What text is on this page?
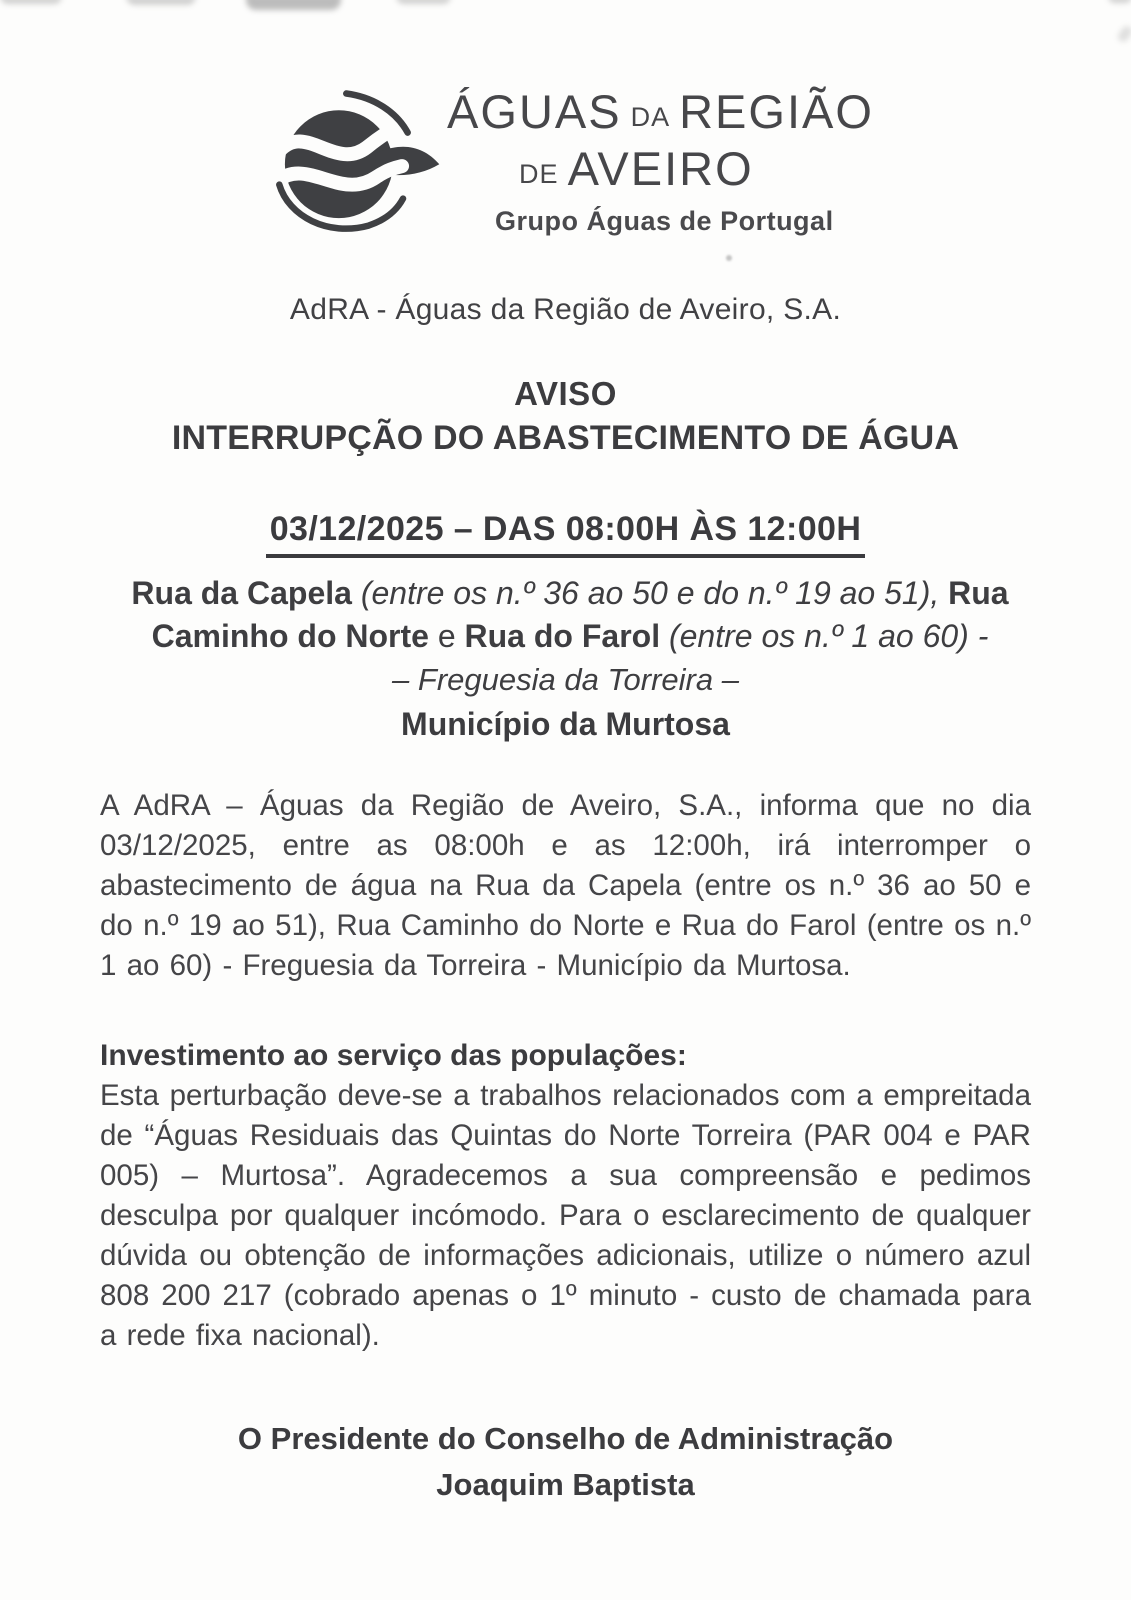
ÁGUAS DA REGIÃO
DE AVEIRO
Grupo Águas de Portugal
AdRA - Águas da Região de Aveiro, S.A.
AVISO
INTERRUPÇÃO DO ABASTECIMENTO DE ÁGUA
03/12/2025 – DAS 08:00H ÀS 12:00H
Rua da Capela (entre os n.º 36 ao 50 e do n.º 19 ao 51), Rua Caminho do Norte e Rua do Farol (entre os n.º 1 ao 60) -
– Freguesia da Torreira –
Município da Murtosa
A AdRA – Águas da Região de Aveiro, S.A., informa que no dia 03/12/2025, entre as 08:00h e as 12:00h, irá interromper o abastecimento de água na Rua da Capela (entre os n.º 36 ao 50 e do n.º 19 ao 51), Rua Caminho do Norte e Rua do Farol (entre os n.º 1 ao 60) - Freguesia da Torreira - Município da Murtosa.
Investimento ao serviço das populações:
Esta perturbação deve-se a trabalhos relacionados com a empreitada de “Águas Residuais das Quintas do Norte Torreira (PAR 004 e PAR 005) – Murtosa”. Agradecemos a sua compreensão e pedimos desculpa por qualquer incómodo. Para o esclarecimento de qualquer dúvida ou obtenção de informações adicionais, utilize o número azul 808 200 217 (cobrado apenas o 1º minuto - custo de chamada para a rede fixa nacional).
O Presidente do Conselho de Administração
Joaquim Baptista
